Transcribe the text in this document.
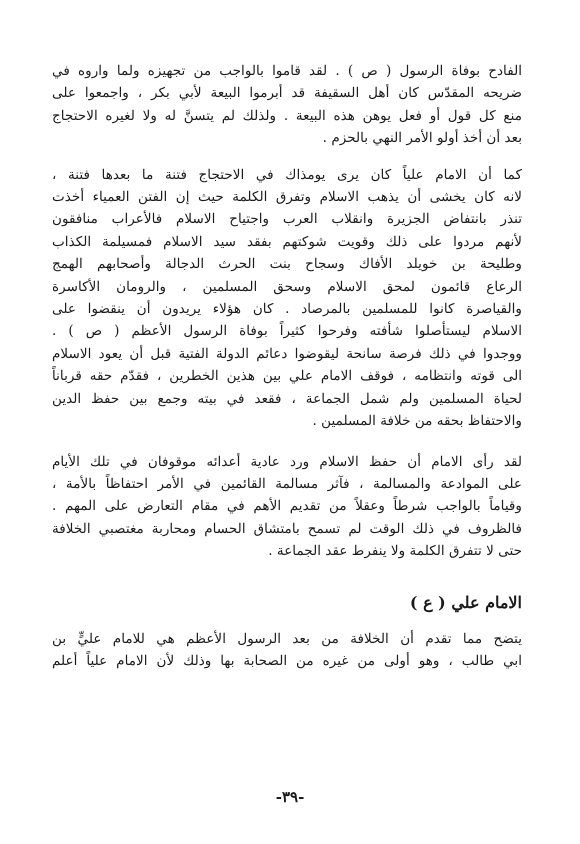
الفادح بوفاة الرسول ( ص ) . لقد قاموا بالواجب من تجهيزه ولما واروه في
ضريحه المقدّس كان أهل السقيفة قد أبرموا البيعة لأبي بكر ، واجمعوا على
منع كل قول أو فعل يوهن هذه البيعة . ولذلك لم يتسنَّ له ولا لغيره الاحتجاج
بعد أن أخذ أولو الأمر النهي بالحزم .
كما أن الامام علياً كان يرى يومذاك في الاحتجاج فتنة ما بعدها فتنة ،
لانه كان يخشى أن يذهب الاسلام وتفرق الكلمة حيث إن الفتن العمياء أخذت
تنذر بانتفاض الجزيرة وانقلاب العرب واجتياح الاسلام فالأعراب منافقون
لأنهم مردوا على ذلك وقويت شوكتهم بفقد سيد الاسلام فمسيلمة الكذاب
وطليحة بن خويلد الأفاك وسجاح بنت الحرث الدجالة وأصحابهم الهمج
الرعاع قائمون لمحق الاسلام وسحق المسلمين ، والرومان الأكاسرة
والقياصرة كانوا للمسلمين بالمرصاد . كان هؤلاء يريدون أن ينقضوا على
الاسلام ليستأصلوا شأفته وفرحوا كثيراً بوفاة الرسول الأعظم ( ص ) .
ووجدوا في ذلك فرصة سانحة ليقوضوا دعائم الدولة الفتية قبل أن يعود الاسلام
الى قوته وانتظامه ، فوقف الامام علي بين هذين الخطرين ، فقدّم حقه قرباناً
لحياة المسلمين ولم شمل الجماعة ، فقعد في بيته وجمع بين حفظ الدين
والاحتفاظ بحقه من خلافة المسلمين .
لقد رأى الامام أن حفظ الاسلام ورد عادية أعدائه موقوفان في تلك الأيام
على الموادعة والمسالمة ، فآثر مسالمة القائمين في الأمر احتفاظاً بالأمة ،
وقياماً بالواجب شرطاً وعقلاً من تقديم الأهم في مقام التعارض على المهم .
فالظروف في ذلك الوقت لم تسمح بامتشاق الحسام ومحاربة مغتصبي الخلافة
حتى لا تتفرق الكلمة ولا ينفرط عقد الجماعة .
الامام علي ( ع )
يتضح مما تقدم أن الخلافة من بعد الرسول الأعظم هي للامام عليٍّ بن
ابي طالب ، وهو أولى من غيره من الصحابة بها وذلك لأن الامام علياً أعلم
-٣٩-
